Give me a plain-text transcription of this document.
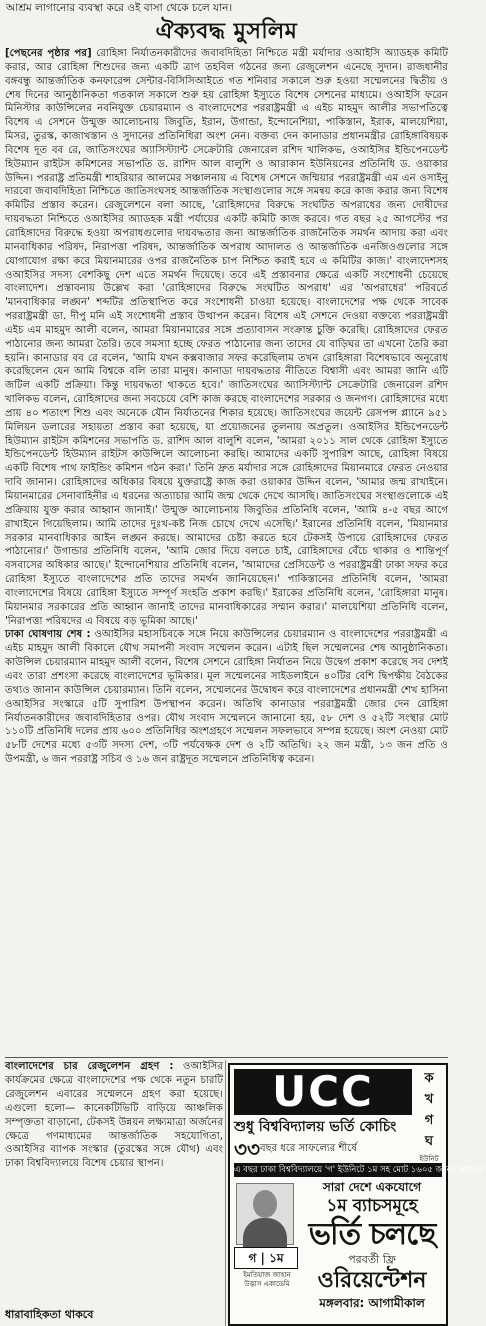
আশ্রম লাগানোর ব্যবস্থা করে ওই বাসা থেকে চলে যান।
ঐক্যবদ্ধ মুসলিম

[পেছনের পৃষ্ঠার পর] রোহিঙ্গা নির্যাতনকারীদের জবাবদিহিতা নিশ্চিতে মন্ত্রী মর্যাদার ওআইসি অ্যাডহক কমিটি করার, আর রোহিঙ্গা শিশুদের জন্য একটি ত্রাণ তহবিল গঠনের জন্য রেজুলেশন এনেছে সুদান। রাজধানীর বঙ্গবন্ধু আন্তর্জাতিক কনফারেন্স সেন্টার-বিসিসিআইতে গত শনিবার সকালে শুরু হওয়া সম্মেলনের দ্বিতীয় ও শেষ দিনের আনুষ্ঠানিকতা গতকাল সকালে শুরু হয় রোহিঙ্গা ইস্যুতে বিশেষ সেশনের মাধ্যমে। ওআইসি ফরেন মিনিস্টার কাউন্সিলের নবনিযুক্ত চেয়ারম্যান ও বাংলাদেশের পররাষ্ট্রমন্ত্রী এ এইচ মাহমুদ আলীর সভাপতিত্বে বিশেষ এ সেশনে উন্মুক্ত আলোচনায় জিবুতি, ইরান, উগান্ডা, ইন্দোনেশিয়া, পাকিস্তান, ইরাক, মালয়েশিয়া, মিসর, তুরস্ক, কাজাখস্তান ও সুদানের প্রতিনিধিরা অংশ নেন। বক্তব্য দেন কানাডার প্রধানমন্ত্রীর রোহিঙ্গাবিষয়ক বিশেষ দূত বব রে, জাতিসংঘের অ্যাসিস্ট্যান্ট সেক্রেটারি জেনারেল রশিদ খালিকভ, ওআইসির ইন্ডিপেনডেন্ট হিউম্যান রাইটস কমিশনের সভাপতি ড. রাশিদ আল বালুশি ও আরাকান ইউনিয়নের প্রতিনিধি ড. ওয়াকার উদ্দিন। পররাষ্ট্র প্রতিমন্ত্রী শাহরিয়ার আলমের সঞ্চালনায় এ বিশেষ সেশনে জম্মিয়ার পররাষ্ট্রমন্ত্রী এম এন ওসাইনু দারবো জবাবদিহিতা নিশ্চিতে জাতিসংঘসহ আন্তর্জাতিক সংস্থাগুলোর সঙ্গে সমন্বয় করে কাজ করার জন্য বিশেষ কমিটির প্রস্তাব করেন। রেজুলেশনে বলা আছে, 'রোহিঙ্গাদের বিরুদ্ধে সংঘটিত অপরাধের জন্য দোষীদের দায়বদ্ধতা নিশ্চিতে ওআইসির অ্যাডহক মন্ত্রী পর্যায়ের একটি কমিটি কাজ করবে। গত বছর ২৫ আগস্টের পর রোহিঙ্গাদের বিরুদ্ধে হওয়া অপরাধগুলোর দায়বদ্ধতার জন্য আন্তর্জাতিক রাজনৈতিক সমর্থন আদায় করা এবং মানবাধিকার পরিষদ, নিরাপত্তা পরিষদ, আন্তর্জাতিক অপরাধ আদালত ও আন্তর্জাতিক এনজিওগুলোর সঙ্গে যোগাযোগ রক্ষা করে মিয়ানমারের ওপর রাজনৈতিক চাপ নিশ্চিত করাই হবে এ কমিটির কাজ।' বাংলাদেশসহ ওআইসির সদস্য বেশকিছু দেশ এতে সমর্থন দিয়েছে। তবে এই প্রস্তাবনার ক্ষেত্রে একটি সংশোধনী চেয়েছে বাংলাদেশ। প্রস্তাবনায় উল্লেখ করা 'রোহিঙ্গাদের বিরুদ্ধে সংঘটিত অপরাধ' এর 'অপরাধের' পরিবর্তে 'মানবাধিকার লঙ্ঘন' শব্দটির প্রতিস্থাপিত করে সংশোধনী চাওয়া হয়েছে। বাংলাদেশের পক্ষ থেকে সাবেক পররাষ্ট্রমন্ত্রী ডা. দীপু মনি এই সংশোধনী প্রস্তাব উত্থাপন করেন। বিশেষ এই সেশনে দেওয়া বক্তব্যে পররাষ্ট্রমন্ত্রী এইচ এম মাহমুদ আলী বলেন, আমরা মিয়ানমারের সঙ্গে প্রত্যাবাসন সংক্রান্ত চুক্তি করেছি। রোহিঙ্গাদের ফেরত পাঠানোর জন্য আমরা তৈরি। তবে সমস্যা হচ্ছে ফেরত পাঠানোর জন্য তাদের যে বাড়িঘর তা এখনো তৈরি করা হয়নি। কানাডার বব রে বলেন, 'আমি যখন কক্সবাজার সফর করেছিলাম তখন রোহিঙ্গারা বিশেষভাবে অনুরোধ করেছিলেন যেন আমি বিশ্বকে বলি তারা মানুষ। কানাডা দায়বদ্ধতার নীতিতে বিশ্বাসী এবং আমরা জানি এটি জটিল একটি প্রক্রিয়া। কিন্তু দায়বদ্ধতা থাকতে হবে।' জাতিসংঘের অ্যাসিস্ট্যান্ট সেক্রেটারি জেনারেল রশিদ খালিকভ বলেন, রোহিঙ্গাদের জন্য সবচেয়ে বেশি কাজ করছে বাংলাদেশের সরকার ও জনগণ। রোহিঙ্গাদের মধ্যে প্রায় ৪০ শতাংশ শিশু এবং অনেকে যৌন নির্যাতনের শিকার হয়েছে। জাতিসংঘের জয়েন্ট রেসপন্স প্ল্যানে ৯৫১ মিলিয়ন ডলারের সহায়তা প্রস্তাব করা হয়েছে, যা প্রয়োজনের তুলনায় অপ্রতুল। ওআইসির ইন্ডিপেনডেন্ট হিউম্যান রাইটস কমিশনের সভাপতি ড. রাশিদ আল বালুশি বলেন, 'আমরা ২০১১ সাল থেকে রোহিঙ্গা ইস্যুতে ইন্ডিপেনডেন্ট হিউম্যান রাইটস কাউন্সিলে আলোচনা করছি। আমাদের একটি সুপারিশ আছে, রোহিঙ্গা বিষয়ে একটি বিশেষ পাথ ফাইন্ডিং কমিশন গঠন করা।' তিনি দ্রুত মর্যাদার সঙ্গে রোহিঙ্গাদের মিয়ানমারে ফেরত নেওয়ার দাবি জানান। রোহিঙ্গাদের অধিকার বিষয়ে যুক্তরাষ্ট্রে কাজ করা ওয়াকার উদ্দিন বলেন, 'আমার জন্ম রাখাইনে। মিয়ানমারের সেনাবাহিনীর এ ধরনের অত্যাচার আমি জন্ম থেকে দেখে আসছি। জাতিসংঘের সংস্থাগুলোকে এই প্রক্রিয়ায় যুক্ত করার আহ্বান জানাই।' উন্মুক্ত আলোচনায় জিবুতির প্রতিনিধি বলেন, 'আমি ৪-৫ বছর আগে রাখাইনে গিয়েছিলাম। আমি তাদের দুঃখ-কষ্ট নিজ চোখে দেখে এসেছি।' ইরানের প্রতিনিধি বলেন, 'মিয়ানমার সরকার মানবাধিকার আইন লঙ্ঘন করছে। আমাদের চেষ্টা করতে হবে টেকসই উপায়ে রোহিঙ্গাদের ফেরত পাঠানোর।' উগান্ডার প্রতিনিধি বলেন, 'আমি জোর দিয়ে বলতে চাই, রোহিঙ্গাদের বেঁচে থাকার ও শান্তিপূর্ণ বসবাসের অধিকার আছে।' ইন্দোনেশিয়ার প্রতিনিধি বলেন, 'আমাদের প্রেসিডেন্ট ও পররাষ্ট্রমন্ত্রী ঢাকা সফর করে রোহিঙ্গা ইস্যুতে বাংলাদেশের প্রতি তাদের সমর্থন জানিয়েছেন।' পাকিস্তানের প্রতিনিধি বলেন, 'আমরা বাংলাদেশের বিষয়ে রোহিঙ্গা ইস্যুতে সম্পূর্ণ সংহতি প্রকাশ করছি।' ইরাকের প্রতিনিধি বলেন, 'রোহিঙ্গারা মানুষ। মিয়ানমার সরকারের প্রতি আহ্বান জানাই তাদের মানবাধিকারের সম্মান করার।' মালয়েশিয়া প্রতিনিধি বলেন, 'নিরাপত্তা পরিষদের এ বিষয়ে বড় ভূমিকা আছে।'

ঢাকা ঘোষণায় শেষ : ওআইসির মহাসচিবকে সঙ্গে নিয়ে কাউন্সিলের চেয়ারম্যান ও বাংলাদেশের পররাষ্ট্রমন্ত্রী এ এইচ মাহমুদ আলী বিকালে যৌথ সমাপনী সংবাদ সম্মেলন করেন। এটাই ছিল সম্মেলনের শেষ আনুষ্ঠানিকতা। কাউন্সিল চেয়ারম্যান মাহমুদ আলী বলেন, বিশেষ সেশনে রোহিঙ্গা নির্যাতন নিয়ে উদ্বেগ প্রকাশ করেছে সব দেশই এবং তারা প্রশংসা করেছে বাংলাদেশের ভূমিকার। মূল সম্মেলনের সাইডলাইনে ৪০টির বেশি দ্বিপক্ষীয় বৈঠকের তথ্যও জানান কাউন্সিল চেয়ারম্যান। তিনি বলেন, সম্মেলনের উদ্বোধন করে বাংলাদেশের প্রধানমন্ত্রী শেখ হাসিনা ওআইসির সংস্কারে ৫টি সুপারিশ উপস্থাপন করেন। অতিথি কানাডার পররাষ্ট্রমন্ত্রী জোর দেন রোহিঙ্গা নির্যাতনকারীদের জবাবদিহিতার ওপর। যৌথ সংবাদ সম্মেলনে জানানো হয়, ৫৮ দেশ ও ৫২টি সংস্থার মোট ১১০টি প্রতিনিধি দলের প্রায় ৬০০ প্রতিনিধির অংশগ্রহণে সম্মেলন সফলভাবে সম্পন্ন হয়েছে। অংশ নেওয়া মোট ৫৮টি দেশের মধ্যে ৫৩টি সদস্য দেশ, ৩টি পর্যবেক্ষক দেশ ও ২টি অতিথি। ২২ জন মন্ত্রী, ১৩ জন প্রতি ও উপমন্ত্রী, ৬ জন পররাষ্ট্র সচিব ও ১৬ জন রাষ্ট্রদূত সম্মেলনে প্রতিনিধিত্ব করেন।

বাংলাদেশের চার রেজুলেশন গ্রহণ : ওআইসির কার্যক্রমের ক্ষেত্রে বাংলাদেশের পক্ষ থেকে নতুন চারটি রেজুলেশন এবারের সম্মেলনে গ্রহণ করা হয়েছে। এগুলো হলো— কানেকটিভিটি বাড়িয়ে আঞ্চলিক সম্পৃক্ততা বাড়ানো, টেকসই উন্নয়ন লক্ষ্যমাত্রা অর্জনের ক্ষেত্রে গণমাধ্যমের আন্তর্জাতিক সহযোগিতা, ওআইসির ব্যাপক সংস্কার (তুরস্কের সঙ্গে যৌথ) এবং ঢাকা বিশ্ববিদ্যালয়ে বিশেষ চেয়ার স্থাপন।
ধারাবাহিকতা থাকবে
UCC	ক
খ
গ
ঘ
ইউনিট
শুধু বিশ্ববিদ্যালয় ভর্তি কোচিং
৩৩ বছর ধরে সাফল্যের শীর্ষে
এ বছর ঢাকা বিশ্ববিদ্যালয়ে 'গ' ইউনিটে ১ম সহ মোট ১৬০৫ জনের সাফল্য!
গ | ১ম
ইমতিয়াজ জাহান
উদ্ভাস একাডেমি
সারা দেশে একযোগে
১ম ব্যাচসমূহে
ভর্তি চলছে
পরবর্তী ফ্রি
ওরিয়েন্টেশন
মঙ্গলবার: আগামীকাল
